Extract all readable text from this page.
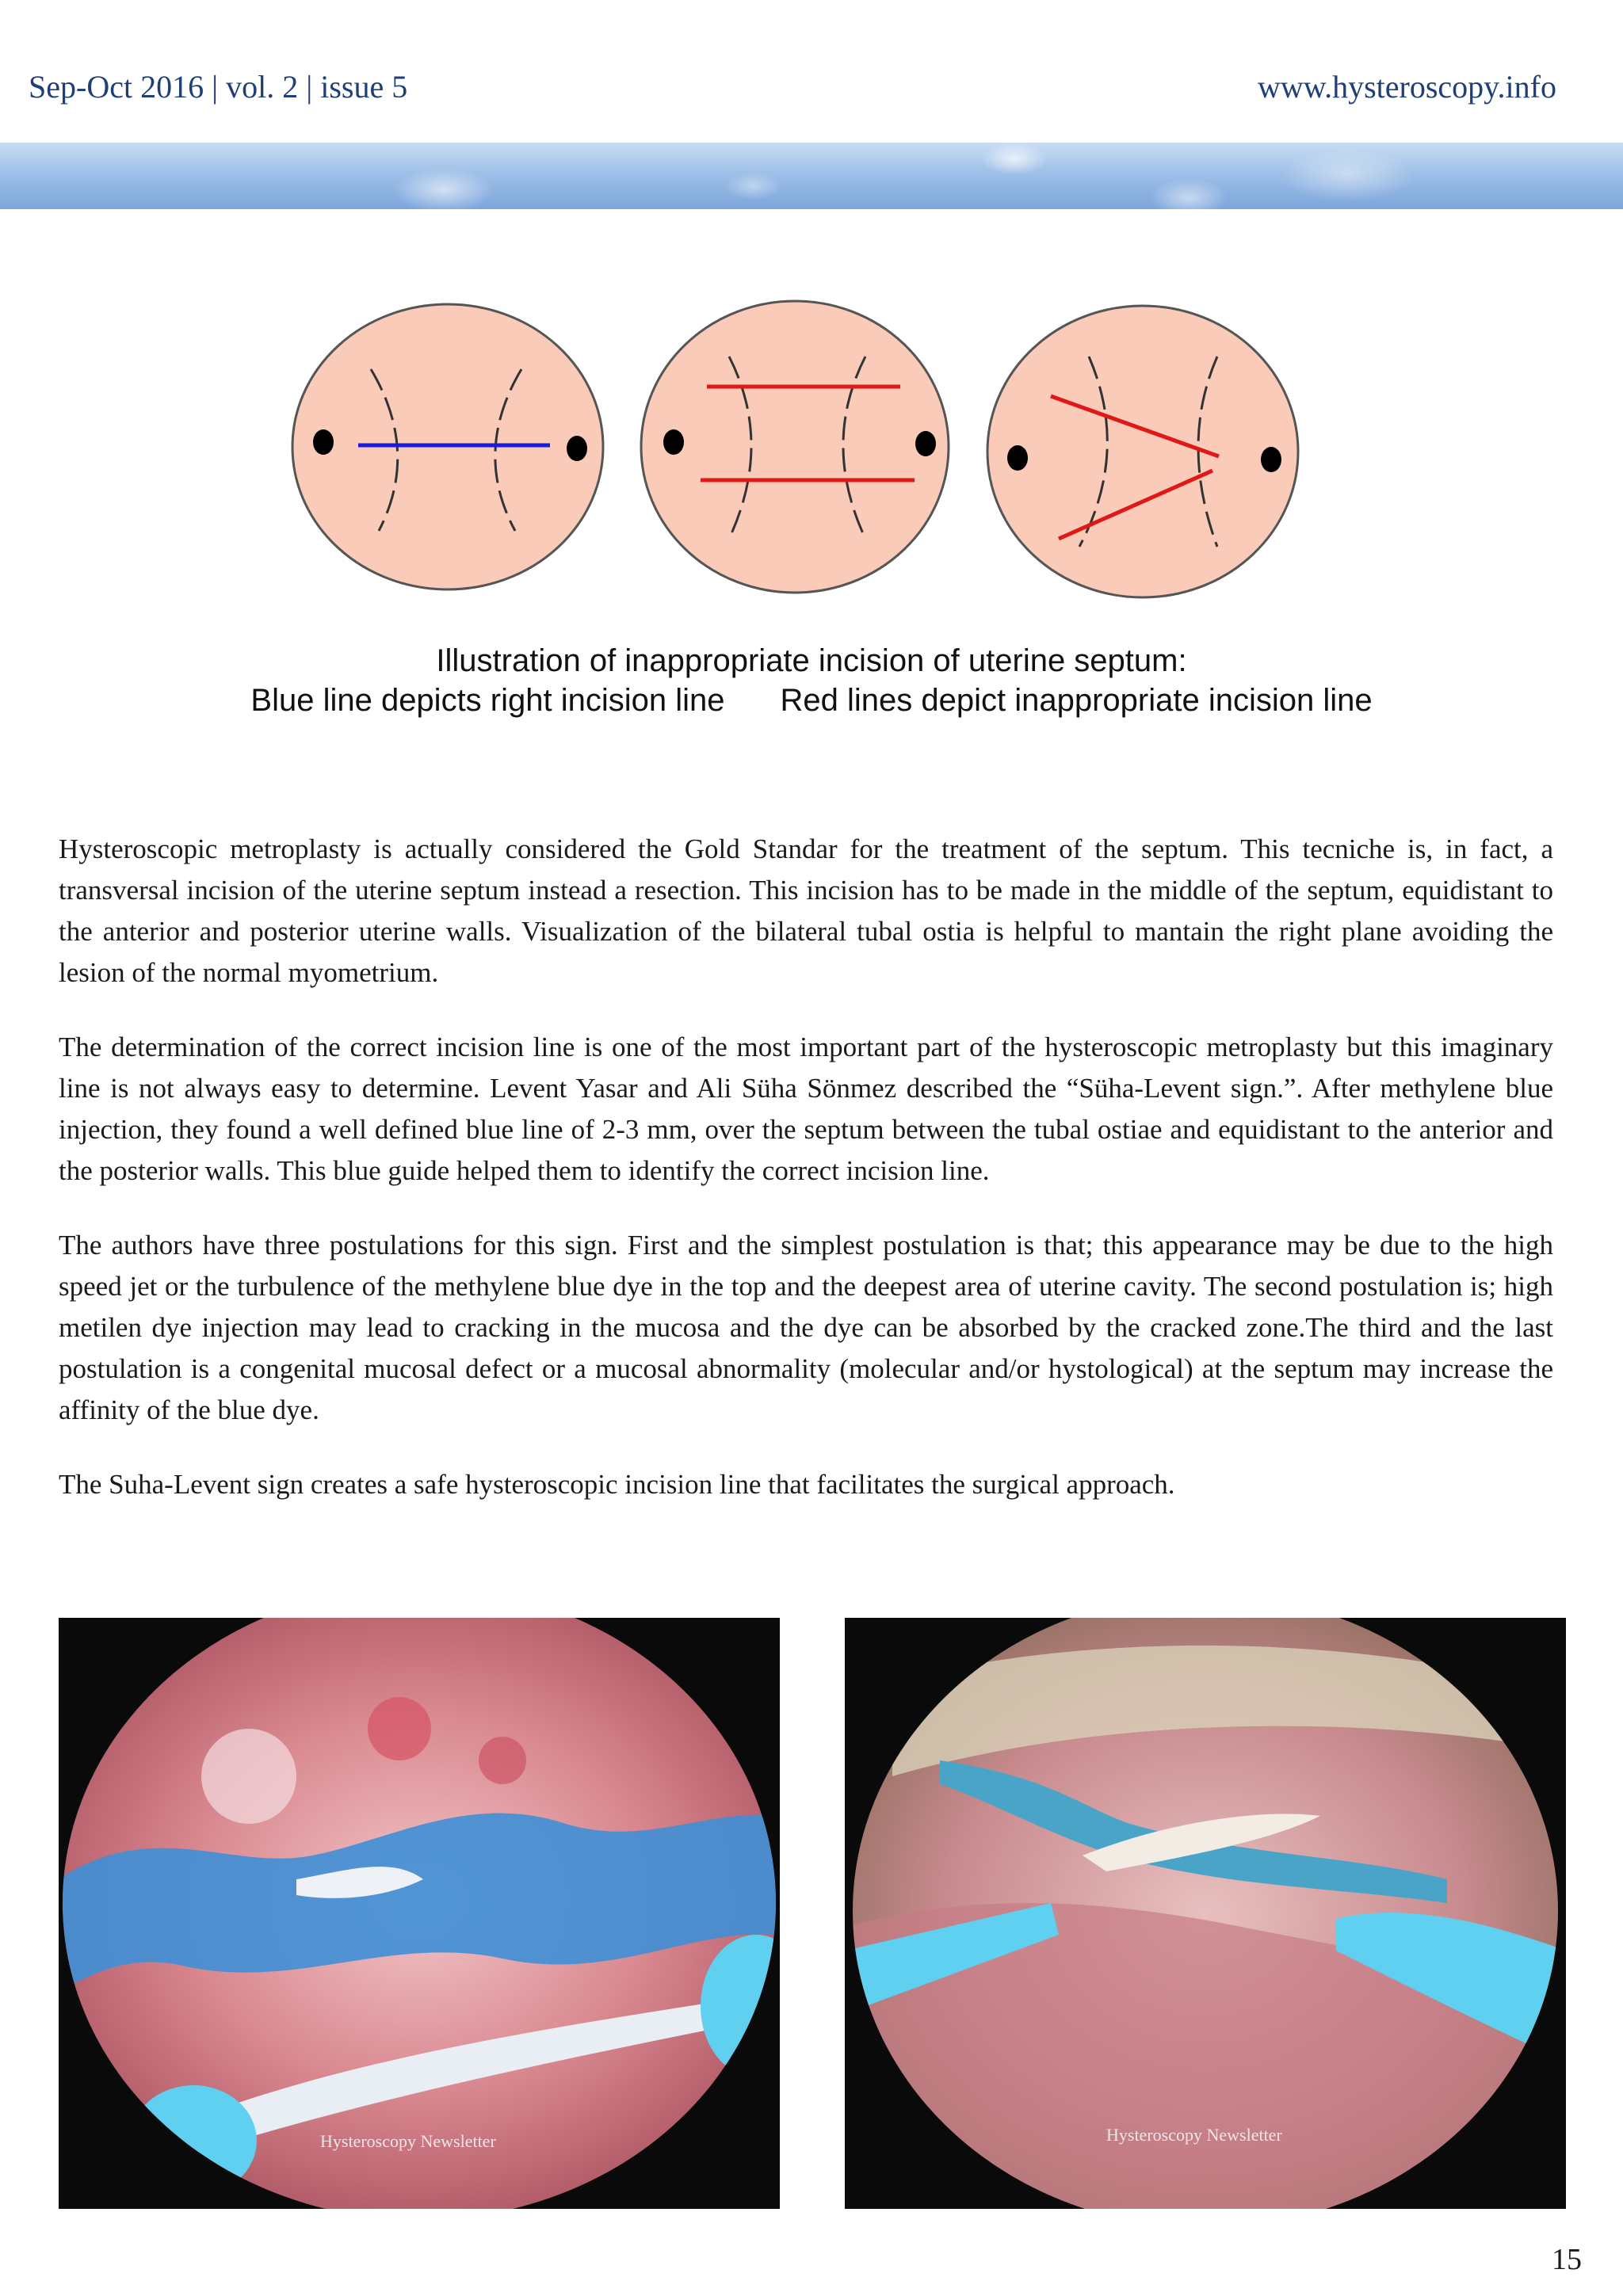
Sep-Oct 2016 | vol. 2 | issue 5	www.hysteroscopy.info
Illustration of inappropriate incision of uterine septum:
Blue line depicts right incision line Red lines depict inappropriate incision line

Hysteroscopic metroplasty is actually considered the Gold Standar for the treatment of the septum. This tecniche is, in fact, a transversal incision of the uterine septum instead a resection. This incision has to be made in the middle of the septum, equidistant to the anterior and posterior uterine walls. Visualization of the bilateral tubal ostia is helpful to mantain the right plane avoiding the lesion of the normal myometrium.

The determination of the correct incision line is one of the most important part of the hysteroscopic metroplasty but this imaginary line is not always easy to determine. Levent Yasar and Ali Süha Sönmez described the “Süha-Levent sign.”. After methylene blue injection, they found a well defined blue line of 2-3 mm, over the septum between the tubal ostiae and equidistant to the anterior and the posterior walls. This blue guide helped them to identify the correct incision line.

The authors have three postulations for this sign. First and the simplest postulation is that; this appearance may be due to the high speed jet or the turbulence of the methylene blue dye in the top and the deepest area of uterine cavity. The second postulation is; high metilen dye injection may lead to cracking in the mucosa and the dye can be absorbed by the cracked zone.The third and the last postulation is a congenital mucosal defect or a mucosal abnormality (molecular and/or hystological) at the septum may increase the affinity of the blue dye.

The Suha-Levent sign creates a safe hysteroscopic incision line that facilitates the surgical approach.

Hysteroscopy Newsletter	Hysteroscopy Newsletter
15
